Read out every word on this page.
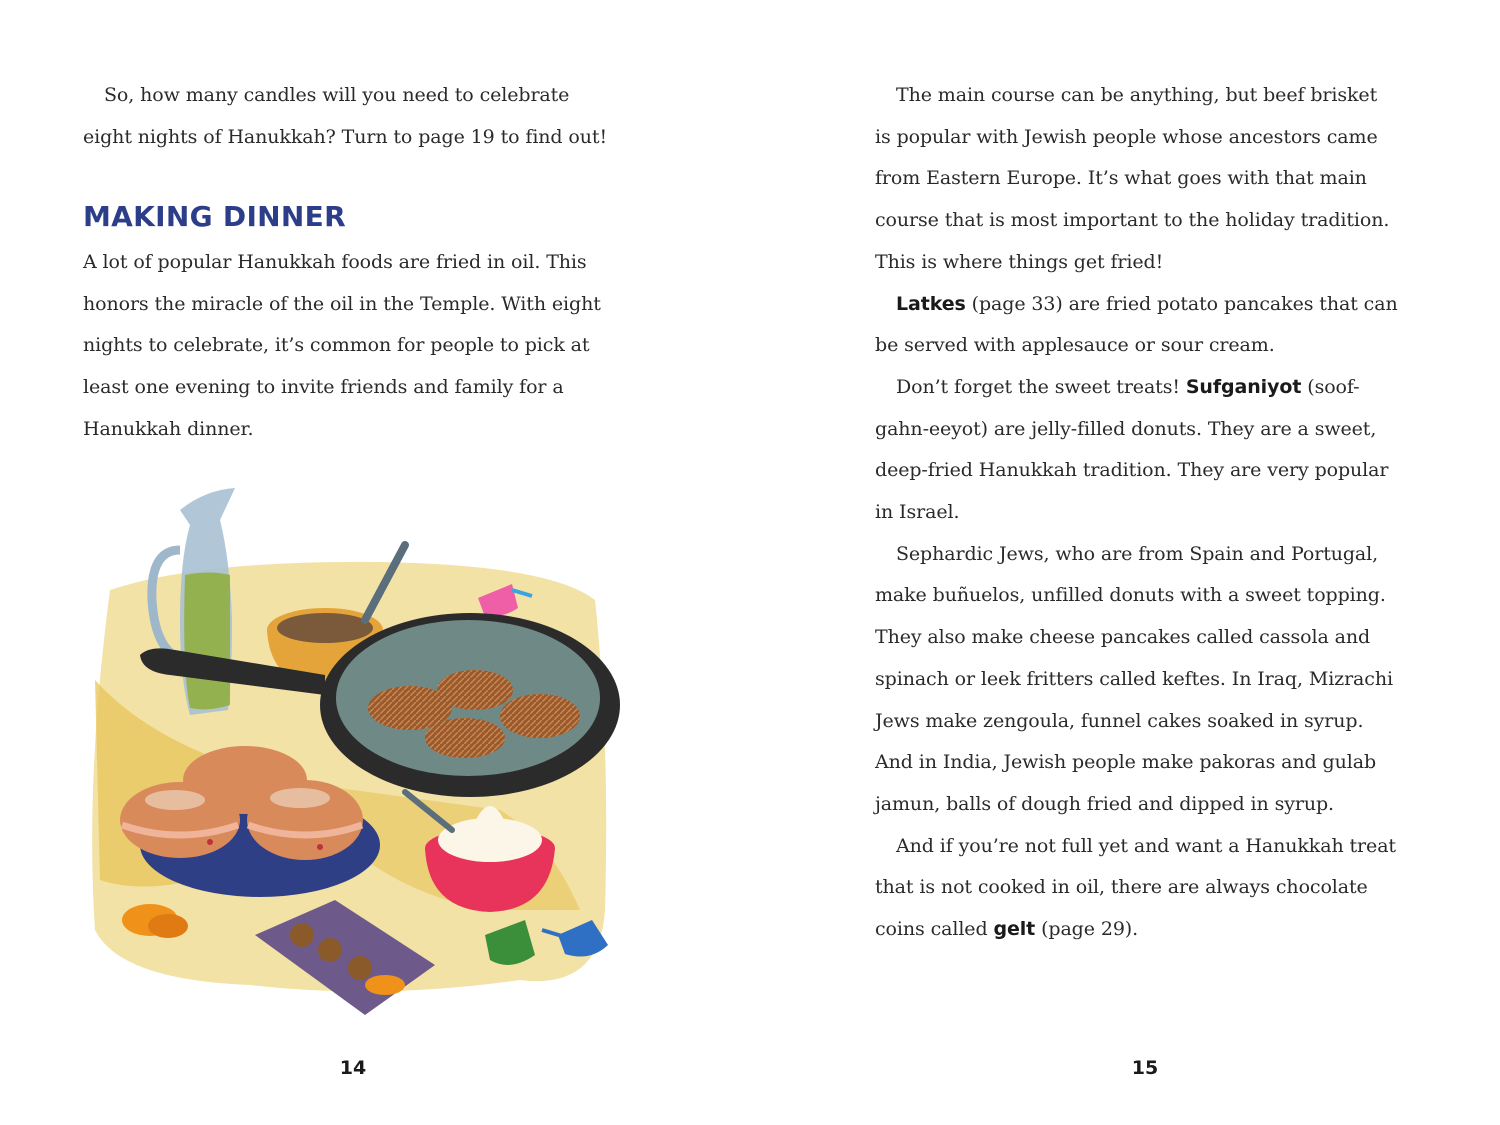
So, how many candles will you need to celebrate

eight nights of Hanukkah? Turn to page 19 to find out!

MAKING DINNER

A lot of popular Hanukkah foods are fried in oil. This

honors the miracle of the oil in the Temple. With eight

nights to celebrate, it’s common for people to pick at

least one evening to invite friends and family for a

Hanukkah dinner.

14

The main course can be anything, but beef brisket

is popular with Jewish people whose ancestors came

from Eastern Europe. It’s what goes with that main

course that is most important to the holiday tradition.

This is where things get fried!

Latkes (page 33) are fried potato pancakes that can

be served with applesauce or sour cream.

Don’t forget the sweet treats! Sufganiyot (soof-

gahn-eeyot) are jelly-filled donuts. They are a sweet,

deep-fried Hanukkah tradition. They are very popular

in Israel.

Sephardic Jews, who are from Spain and Portugal,

make buñuelos, unfilled donuts with a sweet topping.

They also make cheese pancakes called cassola and

spinach or leek fritters called keftes. In Iraq, Mizrachi

Jews make zengoula, funnel cakes soaked in syrup.

And in India, Jewish people make pakoras and gulab

jamun, balls of dough fried and dipped in syrup.

And if you’re not full yet and want a Hanukkah treat

that is not cooked in oil, there are always chocolate

coins called gelt (page 29).

15
